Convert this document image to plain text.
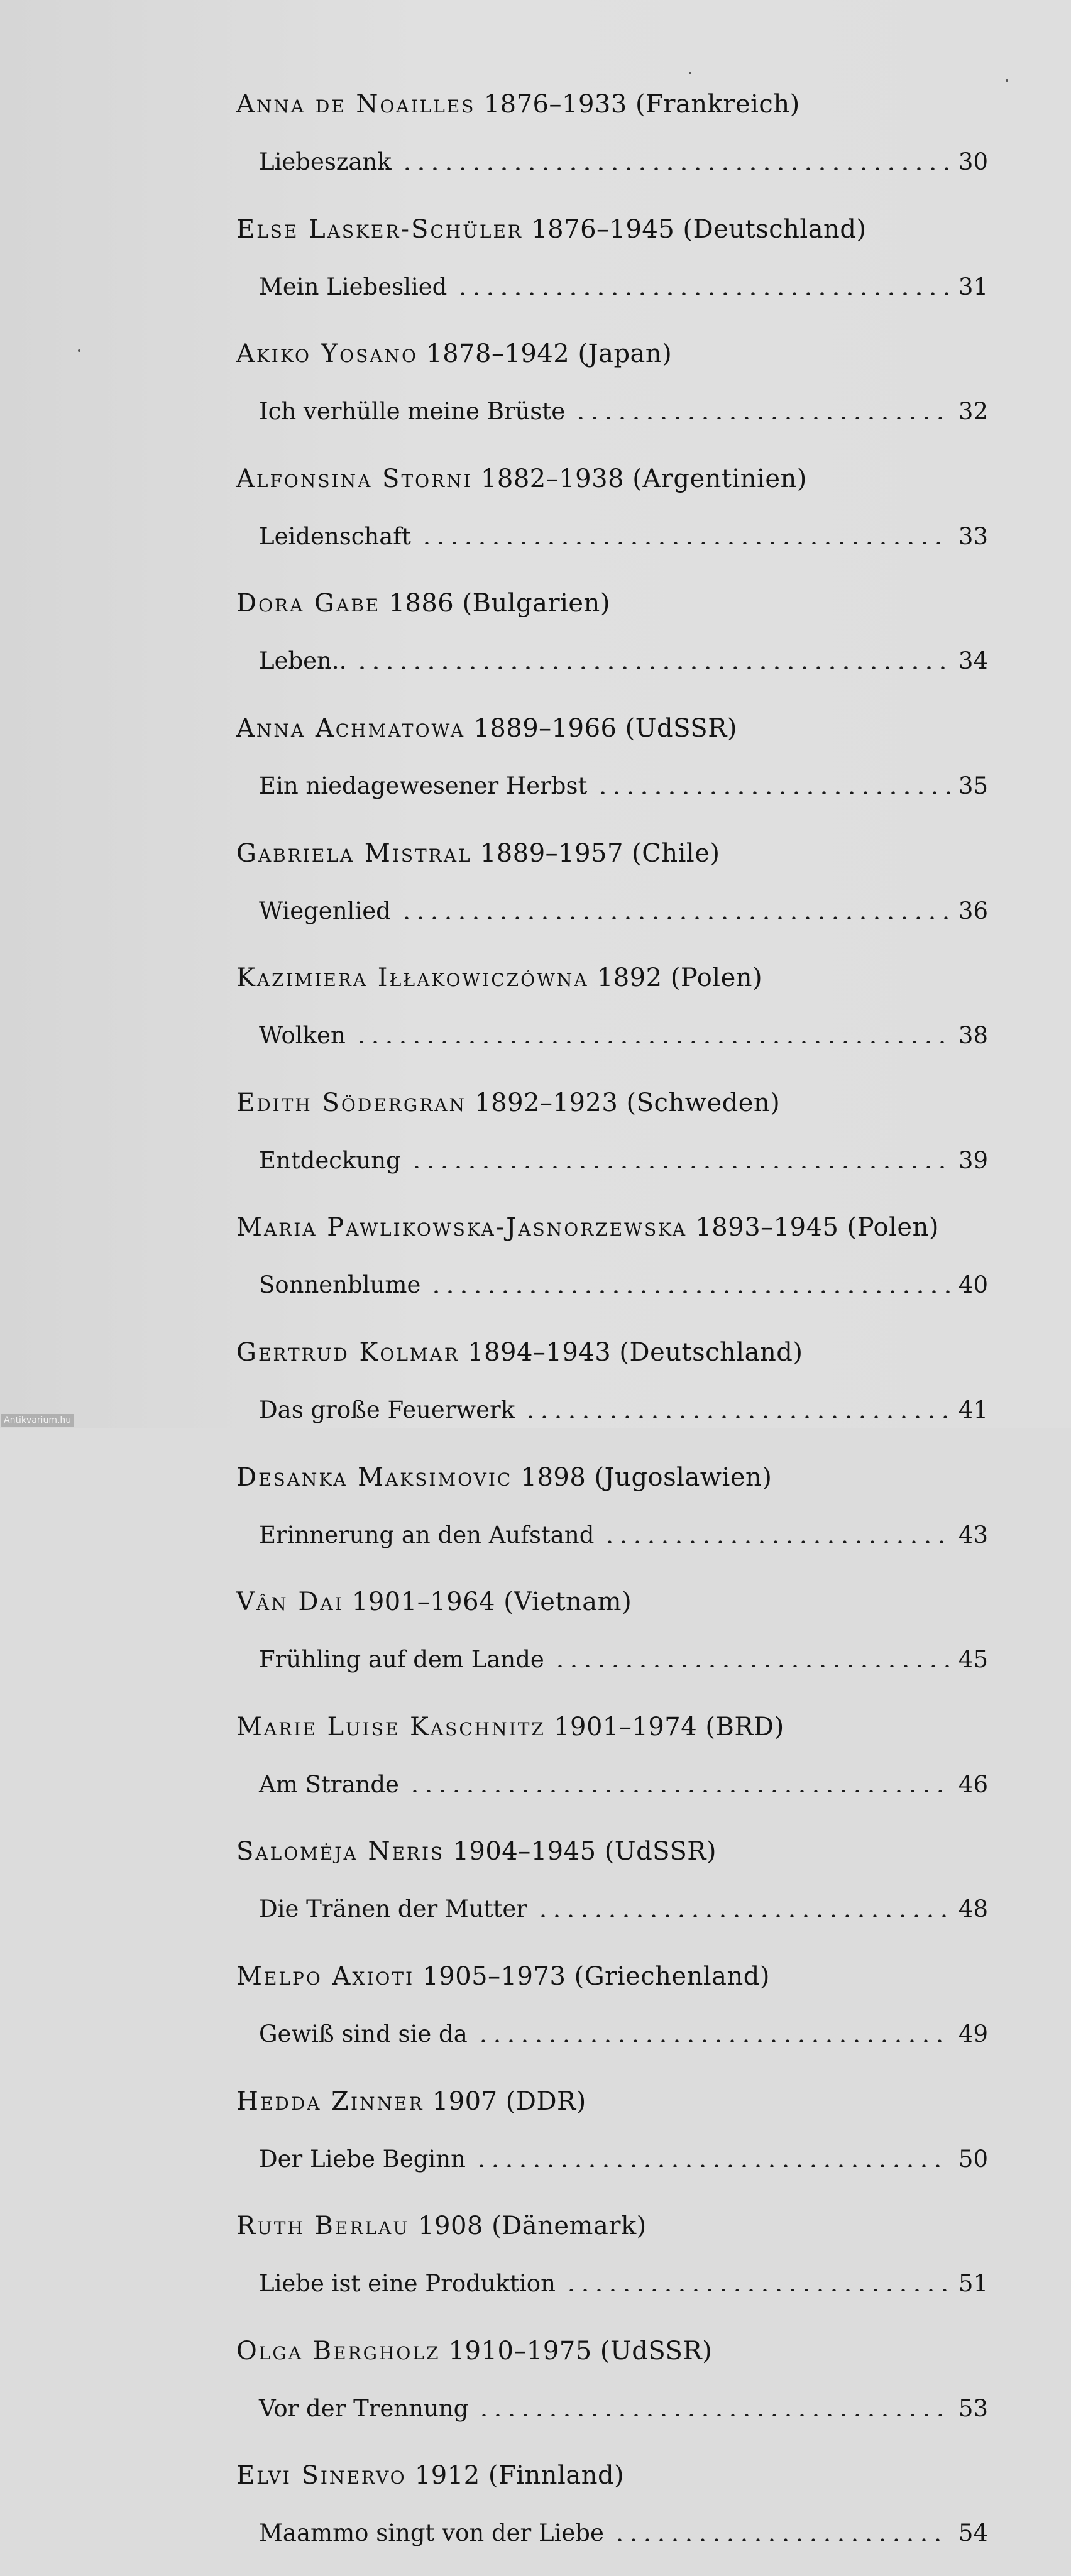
Anna de Noailles 1876–1933 (Frankreich)
Liebeszank	30
Else Lasker-Schüler 1876–1945 (Deutschland)
Mein Liebeslied	31
Akiko Yosano 1878–1942 (Japan)
Ich verhülle meine Brüste	32
Alfonsina Storni 1882–1938 (Argentinien)
Leidenschaft	33
Dora Gabe 1886 (Bulgarien)
Leben..	34
Anna Achmatowa 1889–1966 (UdSSR)
Ein niedagewesener Herbst	35
Gabriela Mistral 1889–1957 (Chile)
Wiegenlied	36
Kazimiera Iłłakowiczówna 1892 (Polen)
Wolken	38
Edith Södergran 1892–1923 (Schweden)
Entdeckung	39
Maria Pawlikowska-Jasnorzewska 1893–1945 (Polen)
Sonnenblume	40
Gertrud Kolmar 1894–1943 (Deutschland)
Das große Feuerwerk	41
Desanka Maksimovic 1898 (Jugoslawien)
Erinnerung an den Aufstand	43
Vân Dai 1901–1964 (Vietnam)
Frühling auf dem Lande	45
Marie Luise Kaschnitz 1901–1974 (BRD)
Am Strande	46
Salomėja Neris 1904–1945 (UdSSR)
Die Tränen der Mutter	48
Melpo Axioti 1905–1973 (Griechenland)
Gewiß sind sie da	49
Hedda Zinner 1907 (DDR)
Der Liebe Beginn	50
Ruth Berlau 1908 (Dänemark)
Liebe ist eine Produktion	51
Olga Bergholz 1910–1975 (UdSSR)
Vor der Trennung	53
Elvi Sinervo 1912 (Finnland)
Maammo singt von der Liebe	54
Antikvarium.hu
